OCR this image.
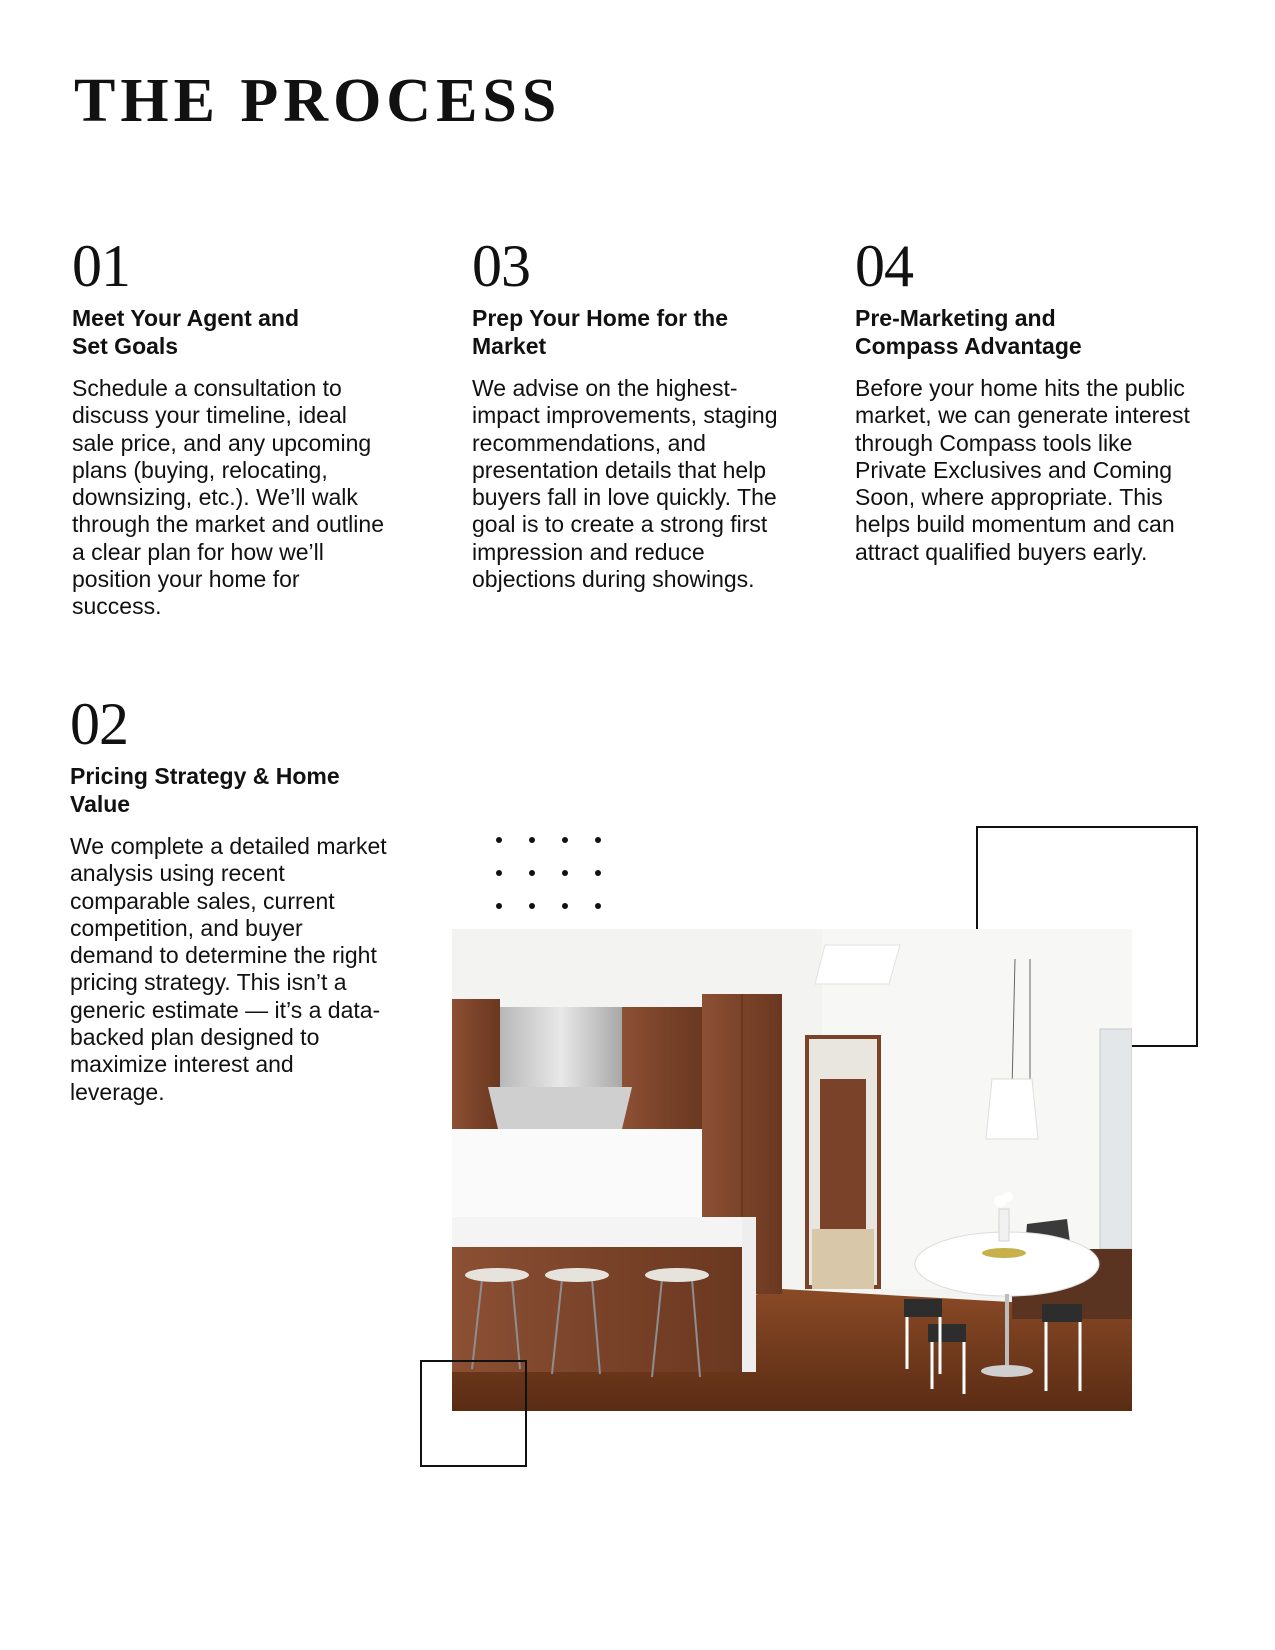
THE PROCESS
01
Meet Your Agent and
Set Goals

Schedule a consultation to discuss your timeline, ideal sale price, and any upcoming plans (buying, relocating, downsizing, etc.). We’ll walk through the market and outline a clear plan for how we’ll position your home for success.

03
Prep Your Home for the
Market

We advise on the highest-impact improvements, staging recommendations, and presentation details that help buyers fall in love quickly. The goal is to create a strong first impression and reduce objections during showings.

04
Pre-Marketing and
Compass Advantage

Before your home hits the public market, we can generate interest through Compass tools like Private Exclusives and Coming Soon, where appropriate. This helps build momentum and can attract qualified buyers early.

02
Pricing Strategy & Home
Value

We complete a detailed market analysis using recent comparable sales, current competition, and buyer demand to determine the right pricing strategy. This isn’t a generic estimate — it’s a data-backed plan designed to maximize interest and leverage.
